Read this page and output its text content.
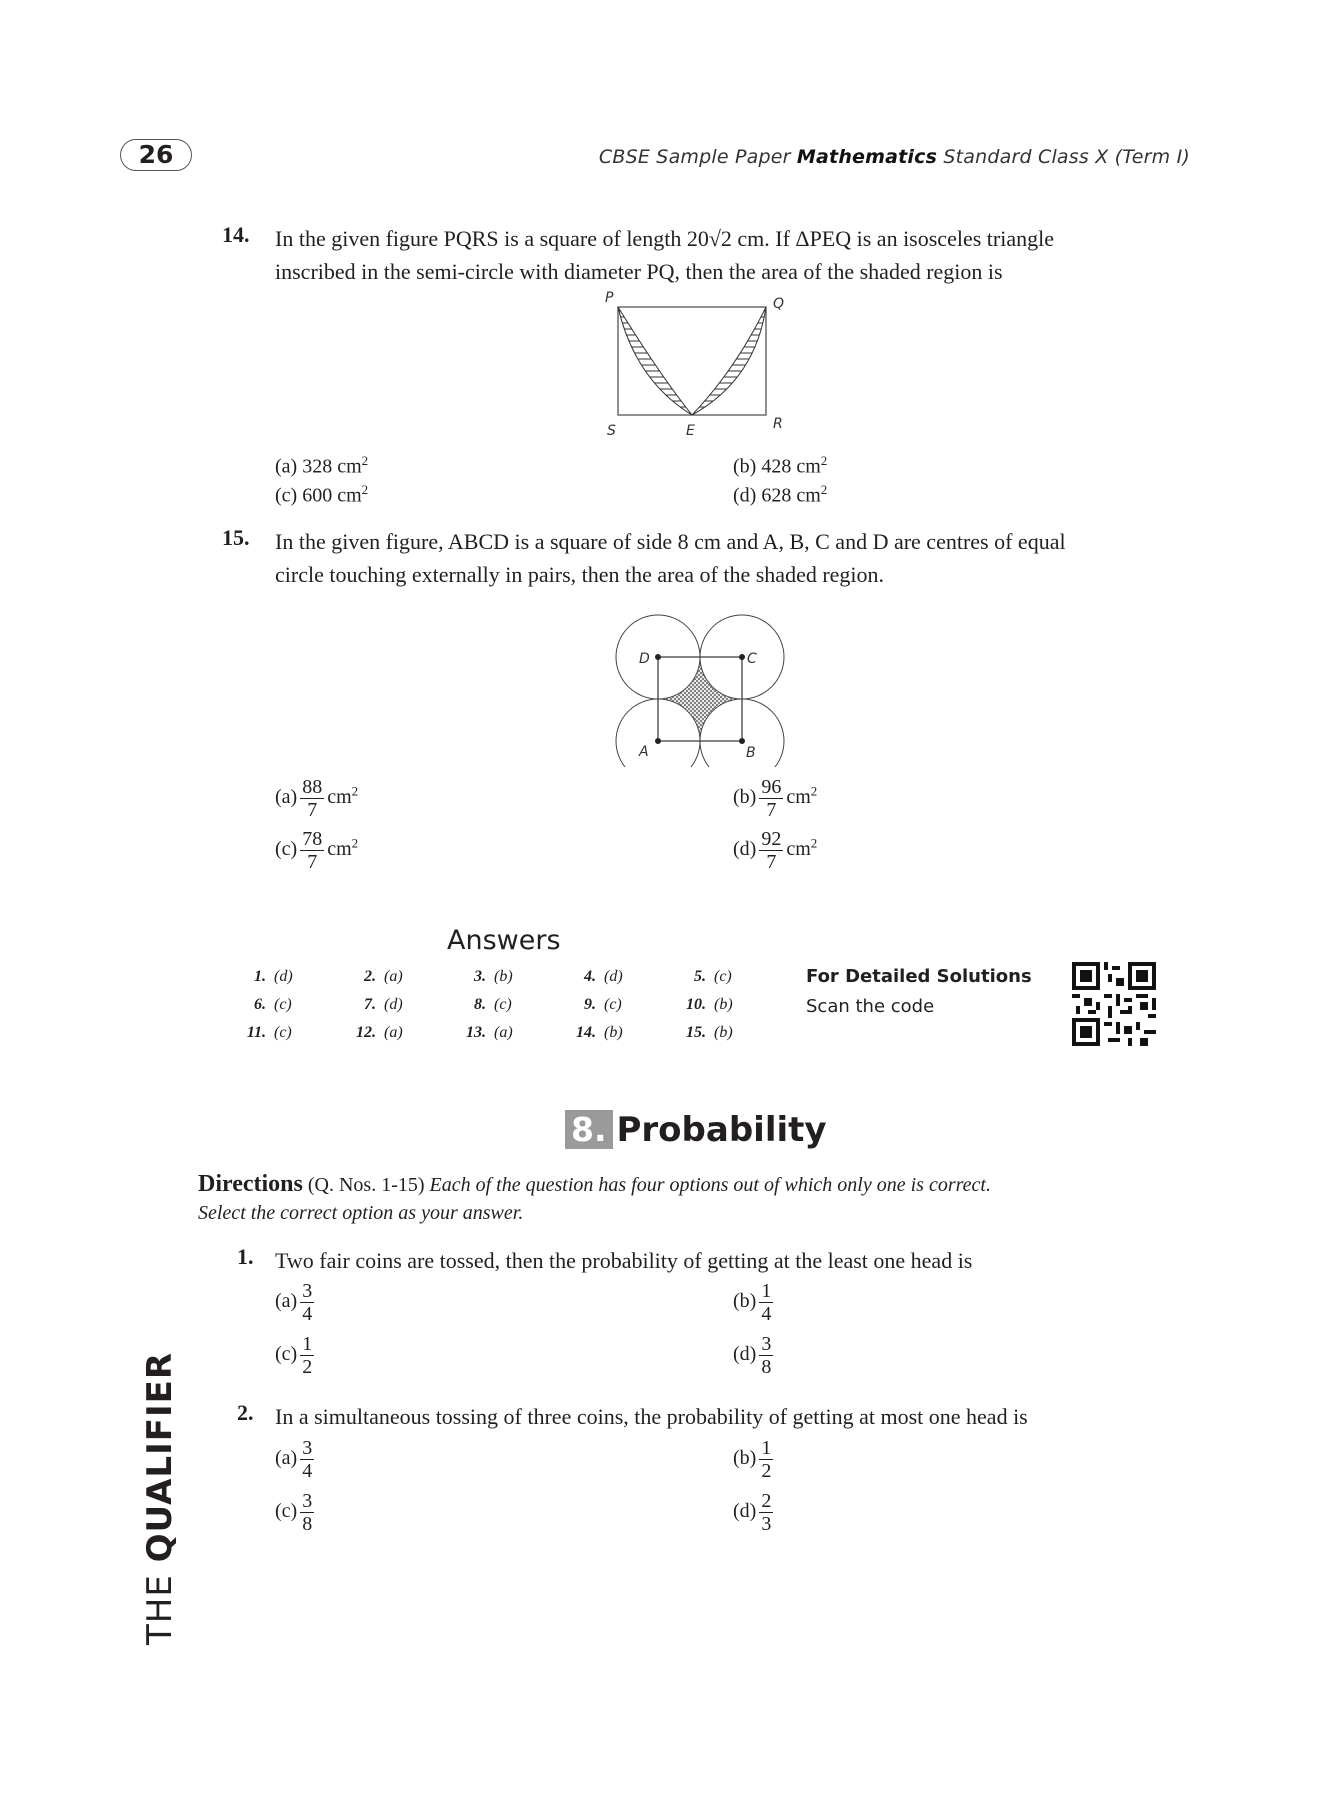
26	CBSE Sample Paper Mathematics Standard Class X (Term I)
14. In the given figure PQRS is a square of length 20√2 cm. If ΔPEQ is an isosceles triangle
inscribed in the semi-circle with diameter PQ, then the area of the shaded region is
P	Q
R
S	E
(a) 328 $cm^2$	(b) 428 $cm^2$
(c) 600 $cm^2$	(d) 628 $cm^2$
15. In the given figure, ABCD is a square of side 8 cm and A, B, C and D are centres of equal
circle touching externally in pairs, then the area of the shaded region.
D	C
A	B
$(a) \frac{88}{7} cm^2$	$(b) \frac{96}{7} cm^2$
$(c) \frac{78}{7} cm^2$	$(d) \frac{92}{7} cm^2$
Answers
1. (d)	2. (a)	3. (b)	4. (d)	5. (c)
6. (c)	7. (d)	8. (c)	9. (c)	10. (b)
11. (c)	12. (a)	13. (a)	14. (b)	15. (b)
For Detailed Solutions
Scan the code
8. Probability
Directions (Q. Nos. 1-15) Each of the question has four options out of which only one is correct.
Select the correct option as your answer.
1. Two fair coins are tossed, then the probability of getting at the least one head is
$(a) \frac{3}{4}$	$(b) \frac{1}{4}$
$(c) \frac{1}{2}$	$(d) \frac{3}{8}$
2. In a simultaneous tossing of three coins, the probability of getting at most one head is
$(a) \frac{3}{4}$	$(b) \frac{1}{2}$
$(c) \frac{3}{8}$	$(d) \frac{2}{3}$
THE QUALIFIER
